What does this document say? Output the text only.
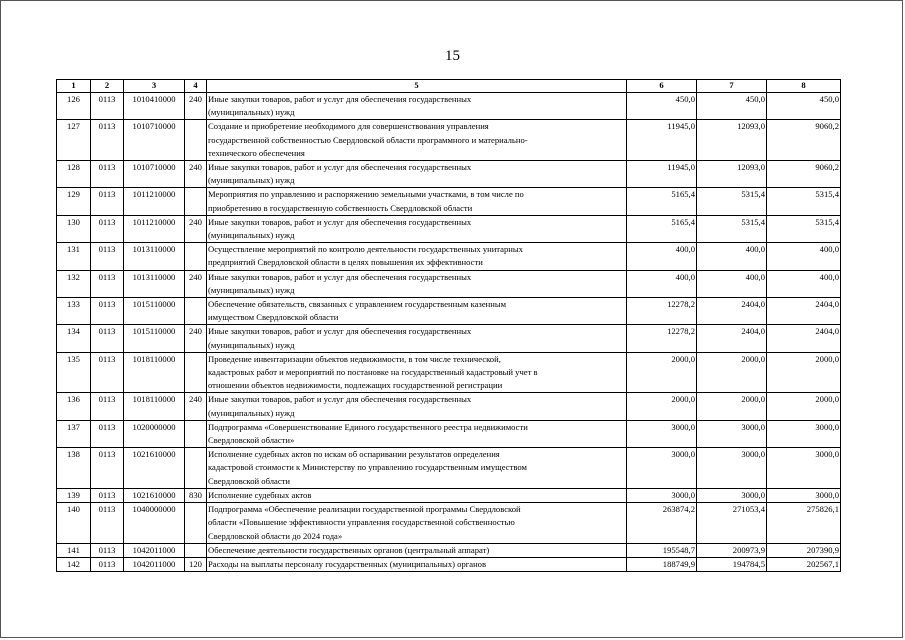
15
1	2	3	4	5	6	7	8
126	0113	1010410000	240	Иные закупки товаров, работ и услуг для обеспечения государственных
(муниципальных) нужд	450,0	450,0	450,0
127	0113	1010710000		Создание и приобретение необходимого для совершенствования управления
государственной собственностью Свердловской области программного и материально-
технического обеспечения	11945,0	12093,0	9060,2
128	0113	1010710000	240	Иные закупки товаров, работ и услуг для обеспечения государственных
(муниципальных) нужд	11945,0	12093,0	9060,2
129	0113	1011210000		Мероприятия по управлению и распоряжению земельными участками, в том числе по
приобретению в государственную собственность Свердловской области	5165,4	5315,4	5315,4
130	0113	1011210000	240	Иные закупки товаров, работ и услуг для обеспечения государственных
(муниципальных) нужд	5165,4	5315,4	5315,4
131	0113	1013110000		Осуществление мероприятий по контролю деятельности государственных унитарных
предприятий Свердловской области в целях повышения их эффективности	400,0	400,0	400,0
132	0113	1013110000	240	Иные закупки товаров, работ и услуг для обеспечения государственных
(муниципальных) нужд	400,0	400,0	400,0
133	0113	1015110000		Обеспечение обязательств, связанных с управлением государственным казенным
имуществом Свердловской области	12278,2	2404,0	2404,0
134	0113	1015110000	240	Иные закупки товаров, работ и услуг для обеспечения государственных
(муниципальных) нужд	12278,2	2404,0	2404,0
135	0113	1018110000		Проведение инвентаризации объектов недвижимости, в том числе технической,
кадастровых работ и мероприятий по постановке на государственный кадастровый учет в
отношении объектов недвижимости, подлежащих государственной регистрации	2000,0	2000,0	2000,0
136	0113	1018110000	240	Иные закупки товаров, работ и услуг для обеспечения государственных
(муниципальных) нужд	2000,0	2000,0	2000,0
137	0113	1020000000		Подпрограмма «Совершенствование Единого государственного реестра недвижимости
Свердловской области»	3000,0	3000,0	3000,0
138	0113	1021610000		Исполнение судебных актов по искам об оспаривании результатов определения
кадастровой стоимости к Министерству по управлению государственным имуществом
Свердловской области	3000,0	3000,0	3000,0
139	0113	1021610000	830	Исполнение судебных актов	3000,0	3000,0	3000,0
140	0113	1040000000		Подпрограмма «Обеспечение реализации государственной программы Свердловской
области «Повышение эффективности управления государственной собственностью
Свердловской области до 2024 года»	263874,2	271053,4	275826,1
141	0113	1042011000		Обеспечение деятельности государственных органов (центральный аппарат)	195548,7	200973,9	207390,9
142	0113	1042011000	120	Расходы на выплаты персоналу государственных (муниципальных) органов	188749,9	194784,5	202567,1
